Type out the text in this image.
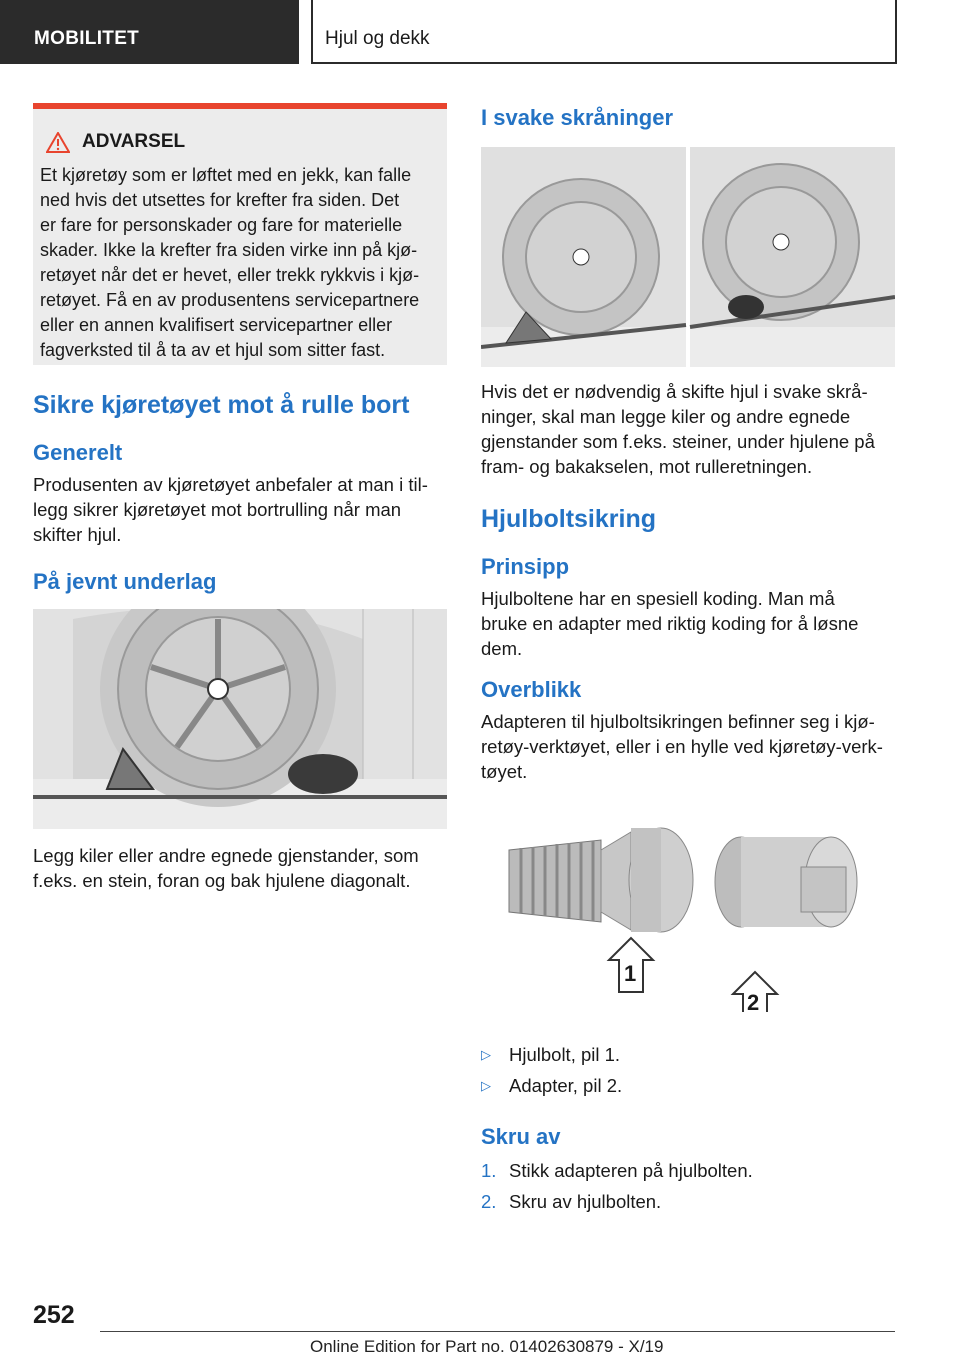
MOBILITET	Hjul og dekk
ADVARSEL

Et kjøretøy som er løftet med en jekk, kan falle
ned hvis det utsettes for krefter fra siden. Det
er fare for personskader og fare for materielle
skader. Ikke la krefter fra siden virke inn på kjø-
retøyet når det er hevet, eller trekk rykkvis i kjø-
retøyet. Få en av produsentens servicepartnere
eller en annen kvalifisert servicepartner eller
fagverksted til å ta av et hjul som sitter fast.

Sikre kjøretøyet mot å rulle bort
Generelt

Produsenten av kjøretøyet anbefaler at man i til-
legg sikrer kjøretøyet mot bortrulling når man
skifter hjul.

På jevnt underlag

Legg kiler eller andre egnede gjenstander, som
f.eks. en stein, foran og bak hjulene diagonalt.

I svake skråninger

Hvis det er nødvendig å skifte hjul i svake skrå-
ninger, skal man legge kiler og andre egnede
gjenstander som f.eks. steiner, under hjulene på
fram- og bakakselen, mot rulleretningen.

Hjulboltsikring
Prinsipp

Hjulboltene har en spesiell koding. Man må
bruke en adapter med riktig koding for å løsne
dem.

Overblikk

Adapteren til hjulboltsikringen befinner seg i kjø-
retøy-verktøyet, eller i en hylle ved kjøretøy-verk-
tøyet.

1
2
▷ Hjulbolt, pil 1.
▷ Adapter, pil 2.
Skru av
1. Stikk adapteren på hjulbolten.
2. Skru av hjulbolten.
252
Online Edition for Part no. 01402630879 - X/19
